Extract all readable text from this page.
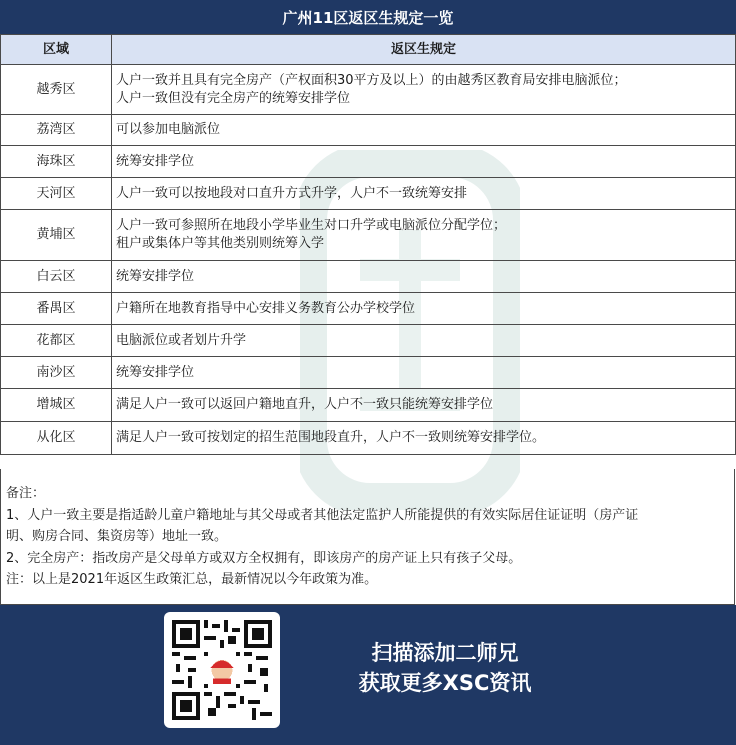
广州11区返区生规定一览
区域	返区生规定
越秀区	人户一致并且具有完全房产（产权面积30平方及以上）的由越秀区教育局安排电脑派位；
人户一致但没有完全房产的统筹安排学位

荔湾区	可以参加电脑派位
海珠区	统筹安排学位
天河区	人户一致可以按地段对口直升方式升学，人户不一致统筹安排
黄埔区	人户一致可参照所在地段小学毕业生对口升学或电脑派位分配学位；
租户或集体户等其他类别则统筹入学

白云区	统筹安排学位
番禺区	户籍所在地教育指导中心安排义务教育公办学校学位
花都区	电脑派位或者划片升学
南沙区	统筹安排学位
增城区	满足人户一致可以返回户籍地直升，人户不一致只能统筹安排学位
从化区	满足人户一致可按划定的招生范围地段直升，人户不一致则统筹安排学位。

备注：

1、人户一致主要是指适龄儿童户籍地址与其父母或者其他法定监护人所能提供的有效实际居住证证明（房产证

明、购房合同、集资房等）地址一致。

2、完全房产：指改房产是父母单方或双方全权拥有，即该房产的房产证上只有孩子父母。

注：以上是2021年返区生政策汇总，最新情况以今年政策为准。

扫描添加二师兄
获取更多XSC资讯
